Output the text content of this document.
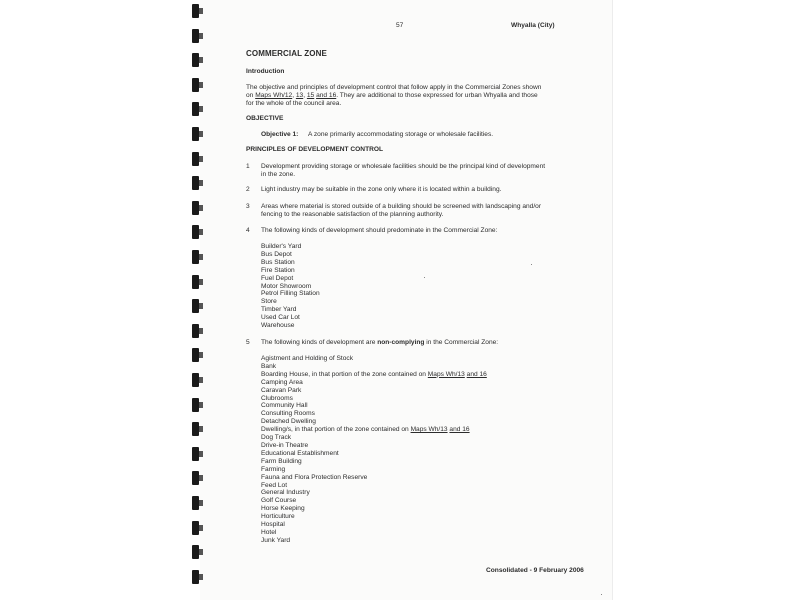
57	Whyalla (City)
COMMERCIAL ZONE
Introduction
The objective and principles of development control that follow apply in the Commercial Zones shown
on Maps Wh/12, 13, 15 and 16. They are additional to those expressed for urban Whyalla and those
for the whole of the council area.
OBJECTIVE
Objective 1: A zone primarily accommodating storage or wholesale facilities.
PRINCIPLES OF DEVELOPMENT CONTROL
1 Development providing storage or wholesale facilities should be the principal kind of development
in the zone.
2 Light industry may be suitable in the zone only where it is located within a building.
3 Areas where material is stored outside of a building should be screened with landscaping and/or
fencing to the reasonable satisfaction of the planning authority.
4 The following kinds of development should predominate in the Commercial Zone:
Builder's Yard
Bus Depot
Bus Station
Fire Station
Fuel Depot
Motor Showroom
Petrol Filling Station
Store
Timber Yard
Used Car Lot
Warehouse
5 The following kinds of development are non-complying in the Commercial Zone:
Agistment and Holding of Stock
Bank
Boarding House, in that portion of the zone contained on Maps Wh/13 and 16
Camping Area
Caravan Park
Clubrooms
Community Hall
Consulting Rooms
Detached Dwelling
Dwelling/s, in that portion of the zone contained on Maps Wh/13 and 16
Dog Track
Drive-in Theatre
Educational Establishment
Farm Building
Farming
Fauna and Flora Protection Reserve
Feed Lot
General Industry
Golf Course
Horse Keeping
Horticulture
Hospital
Hotel
Junk Yard
Consolidated - 9 February 2006
